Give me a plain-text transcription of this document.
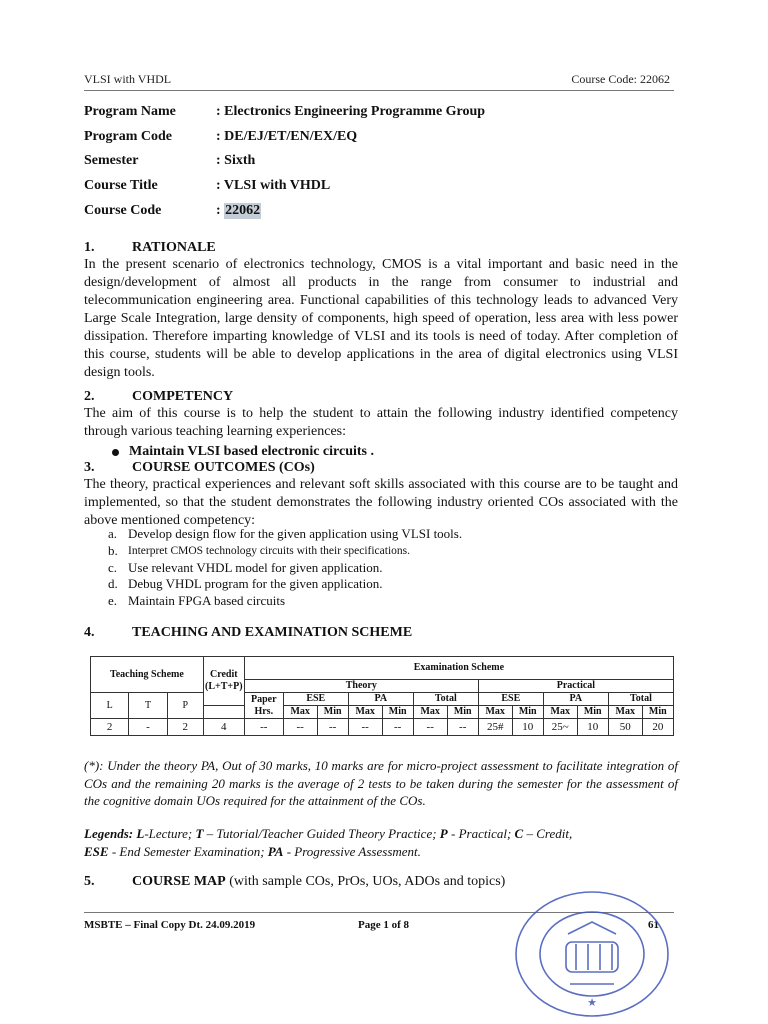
VLSI with VHDL	Course Code: 22062
Program Name	: Electronics Engineering Programme Group
Program Code	: DE/EJ/ET/EN/EX/EQ
Semester	: Sixth
Course Title	: VLSI with VHDL
Course Code	: 22062
1.	RATIONALE
In the present scenario of electronics technology, CMOS is a vital important and basic need in the design/development of almost all products in the range from consumer to industrial and telecommunication engineering area. Functional capabilities of this technology leads to advanced Very Large Scale Integration, large density of components, high speed of operation, less area with less power dissipation. Therefore imparting knowledge of VLSI and its tools is need of today. After completion of this course, students will be able to develop applications in the area of digital electronics using VLSI design tools.
2.	COMPETENCY
The aim of this course is to help the student to attain the following industry identified competency through various teaching learning experiences:
Maintain VLSI based electronic circuits .
3.	COURSE OUTCOMES (COs)
The theory, practical experiences and relevant soft skills associated with this course are to be taught and implemented, so that the student demonstrates the following industry oriented COs associated with the above mentioned competency:
a. Develop design flow for the given application using VLSI tools.
b. Interpret CMOS technology circuits with their specifications.
c. Use relevant VHDL model for given application.
d. Debug VHDL program for the given application.
e. Maintain FPGA based circuits
4.	TEACHING AND EXAMINATION SCHEME
Teaching Scheme			Credit (L+T+P)	Examination Scheme												
				Theory							Practical					
L	T	P		Paper Hrs.	ESE		PA		Total		ESE		PA		Total	
					Max	Min	Max	Min	Max	Min	Max	Min	Max	Min	Max	Min
2	-	2	4	--	--	--	--	--	--	--	25#	10	25~	10	50	20
(*): Under the theory PA, Out of 30 marks, 10 marks are for micro-project assessment to facilitate integration of COs and the remaining 20 marks is the average of 2 tests to be taken during the semester for the assessment of the cognitive domain UOs required for the attainment of the COs.
Legends: L-Lecture; T – Tutorial/Teacher Guided Theory Practice; P - Practical; C – Credit,
ESE - End Semester Examination; PA - Progressive Assessment.
5.	COURSE MAP (with sample COs, PrOs, UOs, ADOs and topics)
MSBTE – Final Copy Dt. 24.09.2019	Page 1 of 8	61
★
